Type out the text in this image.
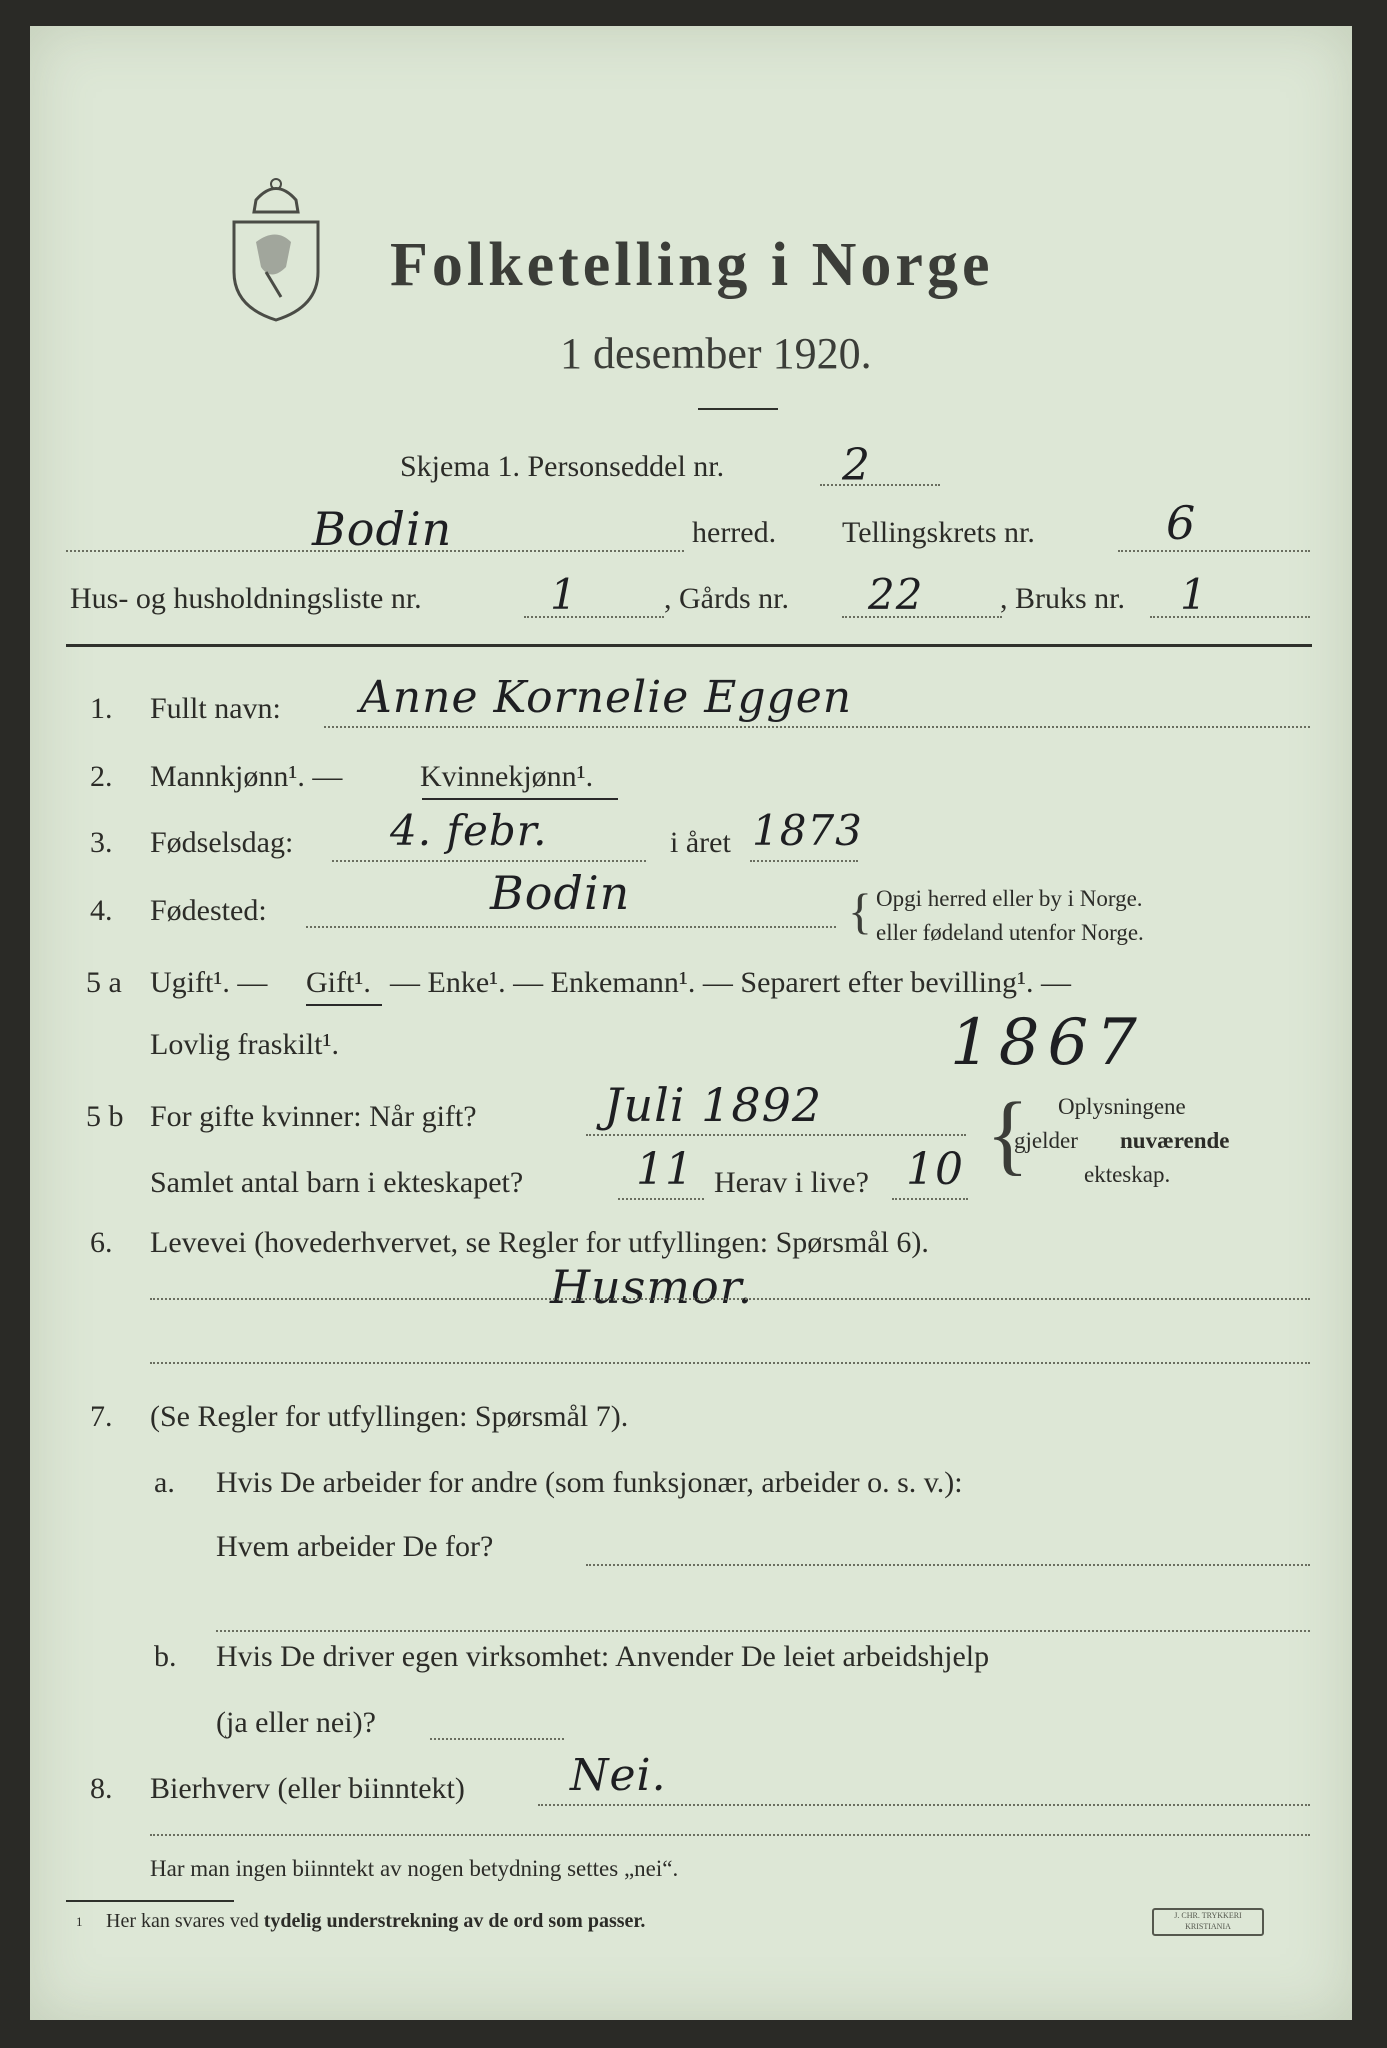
Folketelling i Norge
1 desember 1920.
Skjema 1. Personseddel nr.	2
Bodin	herred. Tellingskrets nr.	6
Hus- og husholdningsliste nr.	1	, Gårds nr. 22	, Bruks nr. 1
1. Fullt navn: Anne Kornelie Eggen
2. Mannkjønn¹. —	Kvinnekjønn¹.
3. Fødselsdag: 4. febr.	i året 1873
4. Fødested:	Bodin	{ Opgi herred eller by i Norge.
eller fødeland utenfor Norge.
5 a Ugift¹. — Gift¹. — Enke¹. — Enkemann¹. — Separert efter bevilling¹. —
Lovlig fraskilt¹.	1867
5 b For gifte kvinner: Når gift?	Juli 1892
Samlet antal barn i ekteskapet?	11 Herav i live? 10 { Oplysningene
gjelder nuværende
ekteskap.
6. Levevei (hovederhvervet, se Regler for utfyllingen: Spørsmål 6).
Husmor.
7. (Se Regler for utfyllingen: Spørsmål 7).
a. Hvis De arbeider for andre (som funksjonær, arbeider o. s. v.):
Hvem arbeider De for?
b. Hvis De driver egen virksomhet: Anvender De leiet arbeidshjelp
(ja eller nei)?
8. Bierhverv (eller biinntekt) Nei.
Har man ingen biinntekt av nogen betydning settes „nei“.
1 Her kan svares ved tydelig understrekning av de ord som passer.	J. CHR. TRYKKERI KRISTIANIA
